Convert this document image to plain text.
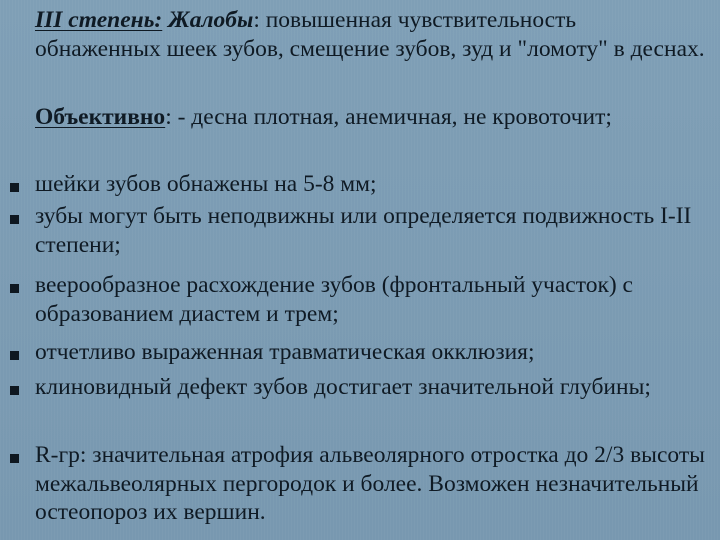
III степень: Жалобы: повышенная чувствительность обнаженных шеек зубов, смещение зубов, зуд и "ломоту" в деснах.

Объективно: - десна плотная, анемичная, не кровоточит;

шейки зубов обнажены на 5-8 мм;

зубы могут быть неподвижны или определяется подвижность I-II степени;

веерообразное расхождение зубов (фронтальный участок) с образованием диастем и трем;

отчетливо выраженная травматическая окклюзия;

клиновидный дефект зубов достигает значительной глубины;

R-гр: значительная атрофия альвеолярного отростка до 2/3 высоты межальвеолярных пергородок и более. Возможен незначительный остеопороз их вершин.
